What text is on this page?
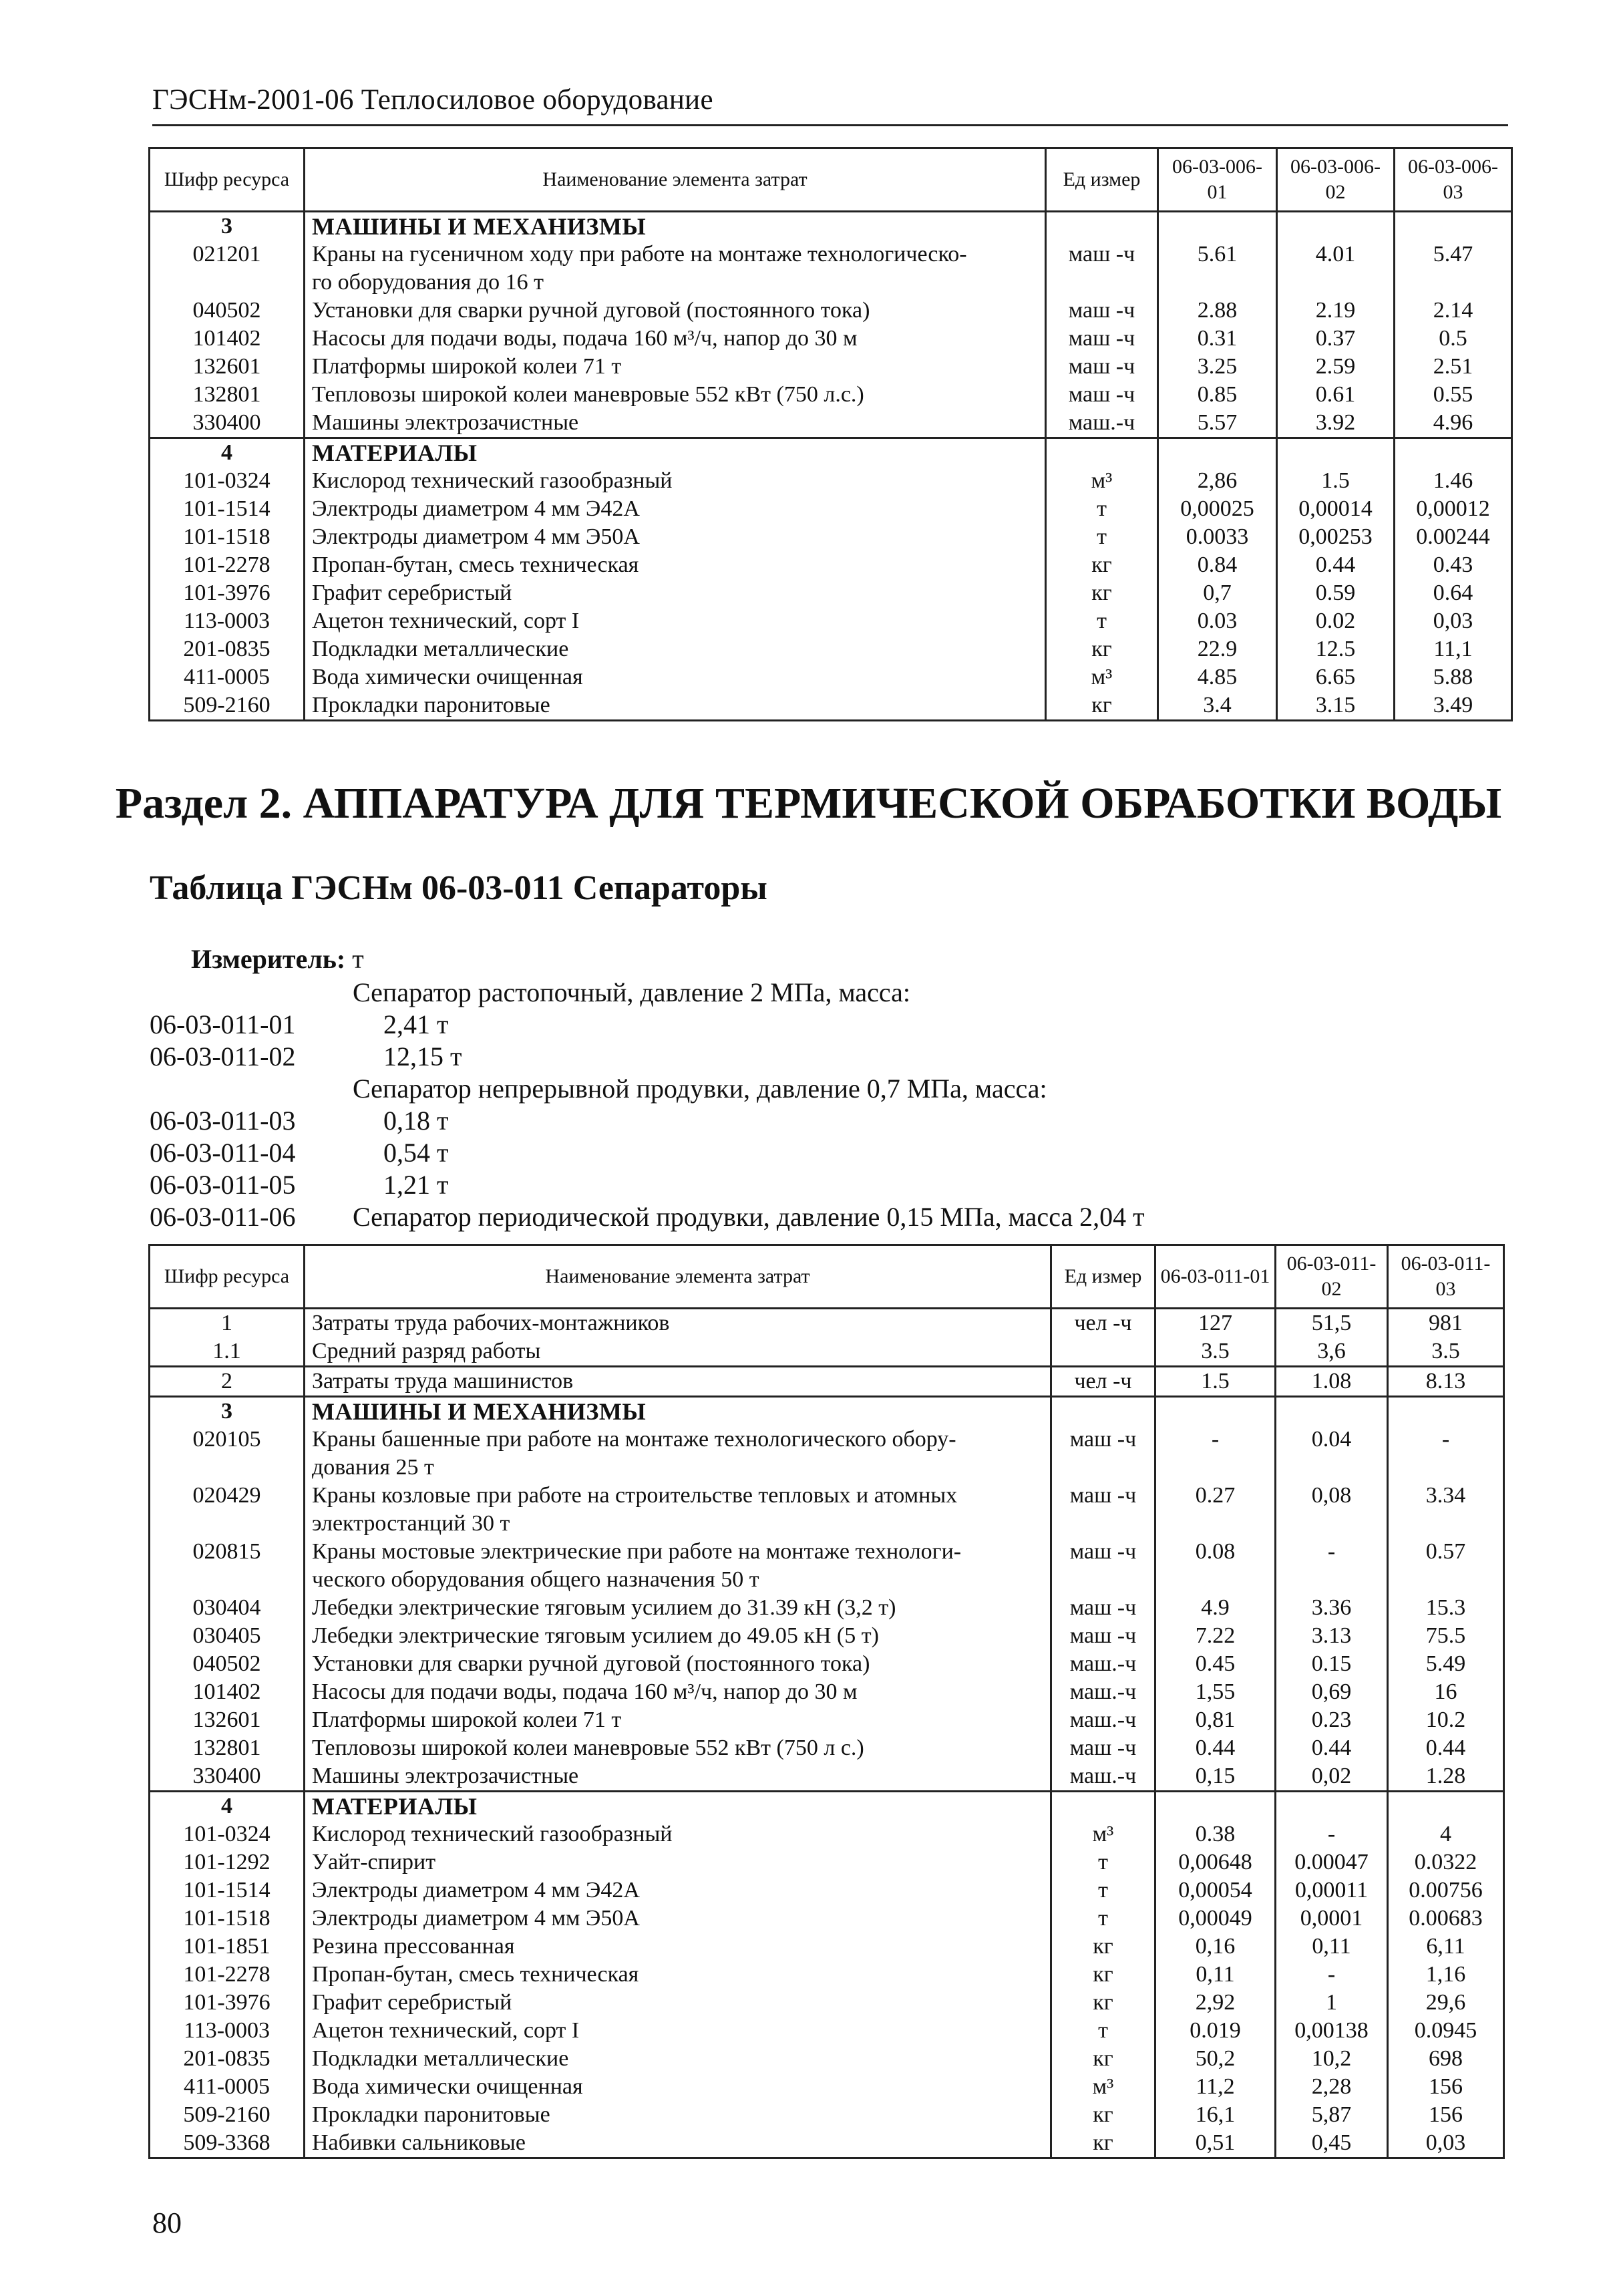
ГЭСНм-2001-06 Теплосиловое оборудование
Шифр ресурса	Наименование элемента затрат	Ед измер	06-03-006-01	06-03-006-02	06-03-006-03
3	МАШИНЫ И МЕХАНИЗМЫ				
021201	Краны на гусеничном ходу при работе на монтаже технологическо-	маш -ч	5.61	4.01	5.47
	го оборудования до 16 т				
040502	Установки для сварки ручной дуговой (постоянного тока)	маш -ч	2.88	2.19	2.14
101402	Насосы для подачи воды, подача 160 м³/ч, напор до 30 м	маш -ч	0.31	0.37	0.5
132601	Платформы широкой колеи 71 т	маш -ч	3.25	2.59	2.51
132801	Тепловозы широкой колеи маневровые 552 кВт (750 л.с.)	маш -ч	0.85	0.61	0.55
330400	Машины электрозачистные	маш.-ч	5.57	3.92	4.96
4	МАТЕРИАЛЫ				
101-0324	Кислород технический газообразный	м³	2,86	1.5	1.46
101-1514	Электроды диаметром 4 мм Э42А	т	0,00025	0,00014	0,00012
101-1518	Электроды диаметром 4 мм Э50А	т	0.0033	0,00253	0.00244
101-2278	Пропан-бутан, смесь техническая	кг	0.84	0.44	0.43
101-3976	Графит серебристый	кг	0,7	0.59	0.64
113-0003	Ацетон технический, сорт I	т	0.03	0.02	0,03
201-0835	Подкладки металлические	кг	22.9	12.5	11,1
411-0005	Вода химически очищенная	м³	4.85	6.65	5.88
509-2160	Прокладки паронитовые	кг	3.4	3.15	3.49
Раздел 2. АППАРАТУРА ДЛЯ ТЕРМИЧЕСКОЙ ОБРАБОТКИ ВОДЫ
Таблица ГЭСНм 06-03-011 Сепараторы
Измеритель: т
Сепаратор растопочный, давление 2 МПа, масса:
06-03-011-01	2,41 т
06-03-011-02	12,15 т
Сепаратор непрерывной продувки, давление 0,7 МПа, масса:
06-03-011-03	0,18 т
06-03-011-04	0,54 т
06-03-011-05	1,21 т
06-03-011-06 Сепаратор периодической продувки, давление 0,15 МПа, масса 2,04 т
Шифр ресурса	Наименование элемента затрат	Ед измер	06-03-011-01	06-03-011-02	06-03-011-03
1	Затраты труда рабочих-монтажников	чел -ч	127	51,5	981
1.1	Средний разряд работы		3.5	3,6	3.5
2	Затраты труда машинистов	чел -ч	1.5	1.08	8.13
3	МАШИНЫ И МЕХАНИЗМЫ				
020105	Краны башенные при работе на монтаже технологического обору-	маш -ч	-	0.04	-
	дования 25 т				
020429	Краны козловые при работе на строительстве тепловых и атомных	маш -ч	0.27	0,08	3.34
	электростанций 30 т				
020815	Краны мостовые электрические при работе на монтаже технологи-	маш -ч	0.08	-	0.57
	ческого оборудования общего назначения 50 т				
030404	Лебедки электрические тяговым усилием до 31.39 кН (3,2 т)	маш -ч	4.9	3.36	15.3
030405	Лебедки электрические тяговым усилием до 49.05 кН (5 т)	маш -ч	7.22	3.13	75.5
040502	Установки для сварки ручной дуговой (постоянного тока)	маш.-ч	0.45	0.15	5.49
101402	Насосы для подачи воды, подача 160 м³/ч, напор до 30 м	маш.-ч	1,55	0,69	16
132601	Платформы широкой колеи 71 т	маш.-ч	0,81	0.23	10.2
132801	Тепловозы широкой колеи маневровые 552 кВт (750 л с.)	маш -ч	0.44	0.44	0.44
330400	Машины электрозачистные	маш.-ч	0,15	0,02	1.28
4	МАТЕРИАЛЫ				
101-0324	Кислород технический газообразный	м³	0.38	-	4
101-1292	Уайт-спирит	т	0,00648	0.00047	0.0322
101-1514	Электроды диаметром 4 мм Э42А	т	0,00054	0,00011	0.00756
101-1518	Электроды диаметром 4 мм Э50А	т	0,00049	0,0001	0.00683
101-1851	Резина прессованная	кг	0,16	0,11	6,11
101-2278	Пропан-бутан, смесь техническая	кг	0,11	-	1,16
101-3976	Графит серебристый	кг	2,92	1	29,6
113-0003	Ацетон технический, сорт I	т	0.019	0,00138	0.0945
201-0835	Подкладки металлические	кг	50,2	10,2	698
411-0005	Вода химически очищенная	м³	11,2	2,28	156
509-2160	Прокладки паронитовые	кг	16,1	5,87	156
509-3368	Набивки сальниковые	кг	0,51	0,45	0,03
80
